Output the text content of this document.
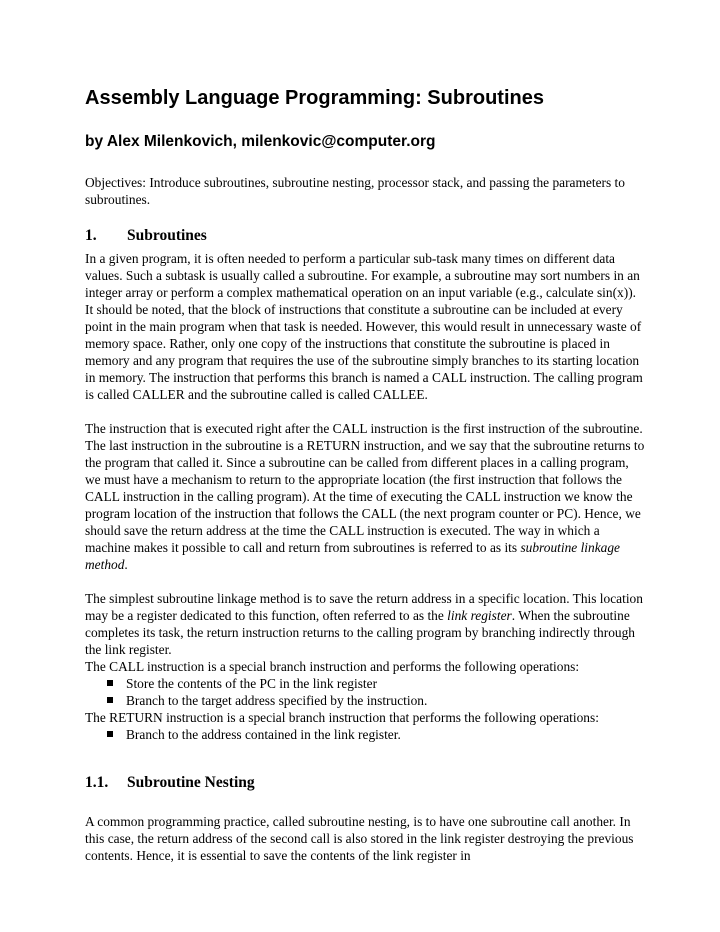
Assembly Language Programming: Subroutines

by Alex Milenkovich, milenkovic@computer.org

Objectives: Introduce subroutines, subroutine nesting, processor stack, and passing the parameters to subroutines.

1.	Subroutines

In a given program, it is often needed to perform a particular sub-task many times on different data values. Such a subtask is usually called a subroutine. For example, a subroutine may sort numbers in an integer array or perform a complex mathematical operation on an input variable (e.g., calculate sin(x)). It should be noted, that the block of instructions that constitute a subroutine can be included at every point in the main program when that task is needed. However, this would result in unnecessary waste of memory space. Rather, only one copy of the instructions that constitute the subroutine is placed in memory and any program that requires the use of the subroutine simply branches to its starting location in memory. The instruction that performs this branch is named a CALL instruction. The calling program is called CALLER and the subroutine called is called CALLEE.

The instruction that is executed right after the CALL instruction is the first instruction of the subroutine. The last instruction in the subroutine is a RETURN instruction, and we say that the subroutine returns to the program that called it. Since a subroutine can be called from different places in a calling program, we must have a mechanism to return to the appropriate location (the first instruction that follows the CALL instruction in the calling program). At the time of executing the CALL instruction we know the program location of the instruction that follows the CALL (the next program counter or PC). Hence, we should save the return address at the time the CALL instruction is executed. The way in which a machine makes it possible to call and return from subroutines is referred to as its subroutine linkage method.

The simplest subroutine linkage method is to save the return address in a specific location. This location may be a register dedicated to this function, often referred to as the link register. When the subroutine completes its task, the return instruction returns to the calling program by branching indirectly through the link register.

The CALL instruction is a special branch instruction and performs the following operations:

Store the contents of the PC in the link register
Branch to the target address specified by the instruction.

The RETURN instruction is a special branch instruction that performs the following operations:

Branch to the address contained in the link register.
1.1.	Subroutine Nesting

A common programming practice, called subroutine nesting, is to have one subroutine call another. In this case, the return address of the second call is also stored in the link register destroying the previous contents. Hence, it is essential to save the contents of the link register in
